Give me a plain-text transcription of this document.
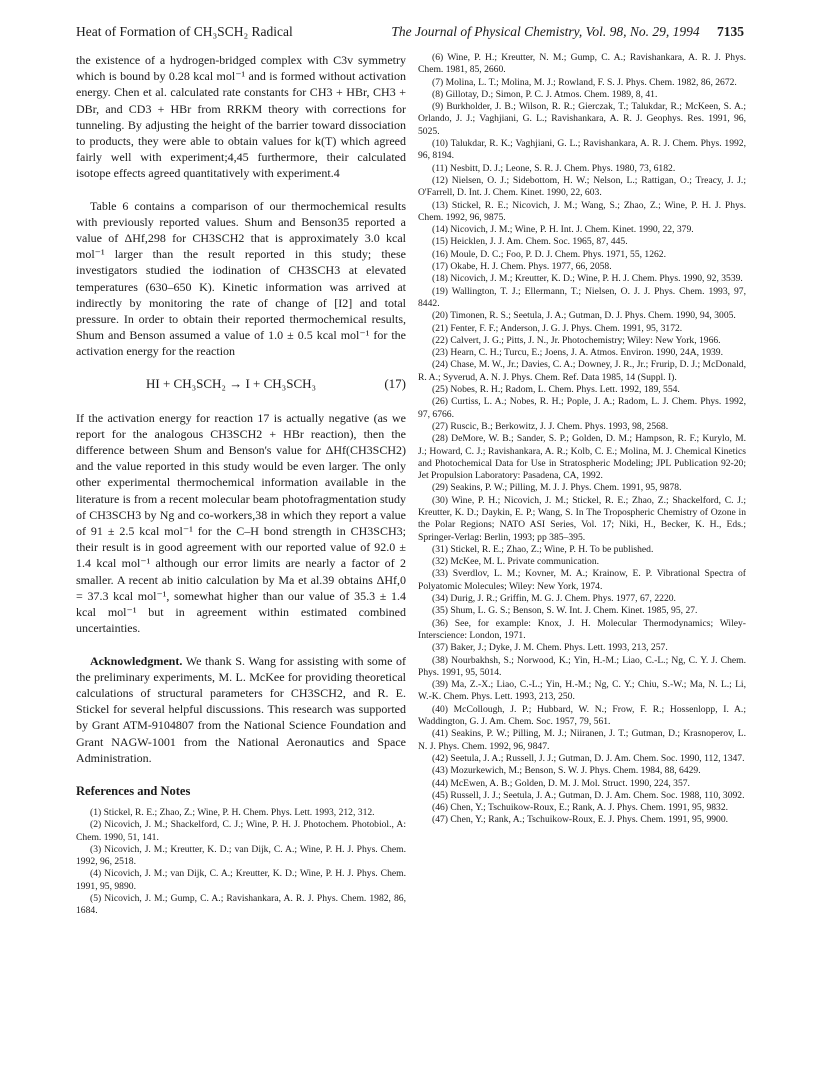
Heat of Formation of CH₃SCH₂ Radical	The Journal of Physical Chemistry, Vol. 98, No. 29, 1994 7135

the existence of a hydrogen-bridged complex with C3v symmetry which is bound by 0.28 kcal mol⁻¹ and is formed without activation energy. Chen et al. calculated rate constants for CH3 + HBr, CH3 + DBr, and CD3 + HBr from RRKM theory with corrections for tunneling. By adjusting the height of the barrier toward dissociation to products, they were able to obtain values for k(T) which agreed fairly well with experiment;4,45 furthermore, their calculated isotope effects agreed quantitatively with experiment.4

Table 6 contains a comparison of our thermochemical results with previously reported values. Shum and Benson35 reported a value of ΔHf,298 for CH3SCH2 that is approximately 3.0 kcal mol⁻¹ larger than the result reported in this study; these investigators studied the iodination of CH3SCH3 at elevated temperatures (630–650 K). Kinetic information was arrived at indirectly by monitoring the rate of change of [I2] and total pressure. In order to obtain their reported thermochemical results, Shum and Benson assumed a value of 1.0 ± 0.5 kcal mol⁻¹ for the activation energy for the reaction

HI + CH₃SCH₂ → I + CH₃SCH₃	(17)

If the activation energy for reaction 17 is actually negative (as we report for the analogous CH3SCH2 + HBr reaction), then the difference between Shum and Benson's value for ΔHf(CH3SCH2) and the value reported in this study would be even larger. The only other experimental thermochemical information available in the literature is from a recent molecular beam photofragmentation study of CH3SCH3 by Ng and co-workers,38 in which they report a value of 91 ± 2.5 kcal mol⁻¹ for the C–H bond strength in CH3SCH3; their result is in good agreement with our reported value of 92.0 ± 1.4 kcal mol⁻¹ although our error limits are nearly a factor of 2 smaller. A recent ab initio calculation by Ma et al.39 obtains ΔHf,0 = 37.3 kcal mol⁻¹, somewhat higher than our value of 35.3 ± 1.4 kcal mol⁻¹ but in agreement within estimated combined uncertainties.

Acknowledgment. We thank S. Wang for assisting with some of the preliminary experiments, M. L. McKee for providing theoretical calculations of structural parameters for CH3SCH2, and R. E. Stickel for several helpful discussions. This research was supported by Grant ATM-9104807 from the National Science Foundation and Grant NAGW-1001 from the National Aeronautics and Space Administration.

References and Notes

(1) Stickel, R. E.; Zhao, Z.; Wine, P. H. Chem. Phys. Lett. 1993, 212, 312.

(2) Nicovich, J. M.; Shackelford, C. J.; Wine, P. H. J. Photochem. Photobiol., A: Chem. 1990, 51, 141.

(3) Nicovich, J. M.; Kreutter, K. D.; van Dijk, C. A.; Wine, P. H. J. Phys. Chem. 1992, 96, 2518.

(4) Nicovich, J. M.; van Dijk, C. A.; Kreutter, K. D.; Wine, P. H. J. Phys. Chem. 1991, 95, 9890.

(5) Nicovich, J. M.; Gump, C. A.; Ravishankara, A. R. J. Phys. Chem. 1982, 86, 1684.

(6) Wine, P. H.; Kreutter, N. M.; Gump, C. A.; Ravishankara, A. R. J. Phys. Chem. 1981, 85, 2660.

(7) Molina, L. T.; Molina, M. J.; Rowland, F. S. J. Phys. Chem. 1982, 86, 2672.

(8) Gillotay, D.; Simon, P. C. J. Atmos. Chem. 1989, 8, 41.

(9) Burkholder, J. B.; Wilson, R. R.; Gierczak, T.; Talukdar, R.; McKeen, S. A.; Orlando, J. J.; Vaghjiani, G. L.; Ravishankara, A. R. J. Geophys. Res. 1991, 96, 5025.

(10) Talukdar, R. K.; Vaghjiani, G. L.; Ravishankara, A. R. J. Chem. Phys. 1992, 96, 8194.

(11) Nesbitt, D. J.; Leone, S. R. J. Chem. Phys. 1980, 73, 6182.

(12) Nielsen, O. J.; Sidebottom, H. W.; Nelson, L.; Rattigan, O.; Treacy, J. J.; O'Farrell, D. Int. J. Chem. Kinet. 1990, 22, 603.

(13) Stickel, R. E.; Nicovich, J. M.; Wang, S.; Zhao, Z.; Wine, P. H. J. Phys. Chem. 1992, 96, 9875.

(14) Nicovich, J. M.; Wine, P. H. Int. J. Chem. Kinet. 1990, 22, 379.

(15) Heicklen, J. J. Am. Chem. Soc. 1965, 87, 445.

(16) Moule, D. C.; Foo, P. D. J. Chem. Phys. 1971, 55, 1262.

(17) Okabe, H. J. Chem. Phys. 1977, 66, 2058.

(18) Nicovich, J. M.; Kreutter, K. D.; Wine, P. H. J. Chem. Phys. 1990, 92, 3539.

(19) Wallington, T. J.; Ellermann, T.; Nielsen, O. J. J. Phys. Chem. 1993, 97, 8442.

(20) Timonen, R. S.; Seetula, J. A.; Gutman, D. J. Phys. Chem. 1990, 94, 3005.

(21) Fenter, F. F.; Anderson, J. G. J. Phys. Chem. 1991, 95, 3172.

(22) Calvert, J. G.; Pitts, J. N., Jr. Photochemistry; Wiley: New York, 1966.

(23) Hearn, C. H.; Turcu, E.; Joens, J. A. Atmos. Environ. 1990, 24A, 1939.

(24) Chase, M. W., Jr.; Davies, C. A.; Downey, J. R., Jr.; Frurip, D. J.; McDonald, R. A.; Syverud, A. N. J. Phys. Chem. Ref. Data 1985, 14 (Suppl. I).

(25) Nobes, R. H.; Radom, L. Chem. Phys. Lett. 1992, 189, 554.

(26) Curtiss, L. A.; Nobes, R. H.; Pople, J. A.; Radom, L. J. Chem. Phys. 1992, 97, 6766.

(27) Ruscic, B.; Berkowitz, J. J. Chem. Phys. 1993, 98, 2568.

(28) DeMore, W. B.; Sander, S. P.; Golden, D. M.; Hampson, R. F.; Kurylo, M. J.; Howard, C. J.; Ravishankara, A. R.; Kolb, C. E.; Molina, M. J. Chemical Kinetics and Photochemical Data for Use in Stratospheric Modeling; JPL Publication 92-20; Jet Propulsion Laboratory: Pasadena, CA, 1992.

(29) Seakins, P. W.; Pilling, M. J. J. Phys. Chem. 1991, 95, 9878.

(30) Wine, P. H.; Nicovich, J. M.; Stickel, R. E.; Zhao, Z.; Shackelford, C. J.; Kreutter, K. D.; Daykin, E. P.; Wang, S. In The Tropospheric Chemistry of Ozone in the Polar Regions; NATO ASI Series, Vol. 17; Niki, H., Becker, K. H., Eds.; Springer-Verlag: Berlin, 1993; pp 385–395.

(31) Stickel, R. E.; Zhao, Z.; Wine, P. H. To be published.

(32) McKee, M. L. Private communication.

(33) Sverdlov, L. M.; Kovner, M. A.; Krainow, E. P. Vibrational Spectra of Polyatomic Molecules; Wiley: New York, 1974.

(34) Durig, J. R.; Griffin, M. G. J. Chem. Phys. 1977, 67, 2220.

(35) Shum, L. G. S.; Benson, S. W. Int. J. Chem. Kinet. 1985, 95, 27.

(36) See, for example: Knox, J. H. Molecular Thermodynamics; Wiley-Interscience: London, 1971.

(37) Baker, J.; Dyke, J. M. Chem. Phys. Lett. 1993, 213, 257.

(38) Nourbakhsh, S.; Norwood, K.; Yin, H.-M.; Liao, C.-L.; Ng, C. Y. J. Chem. Phys. 1991, 95, 5014.

(39) Ma, Z.-X.; Liao, C.-L.; Yin, H.-M.; Ng, C. Y.; Chiu, S.-W.; Ma, N. L.; Li, W.-K. Chem. Phys. Lett. 1993, 213, 250.

(40) McCollough, J. P.; Hubbard, W. N.; Frow, F. R.; Hossenlopp, I. A.; Waddington, G. J. Am. Chem. Soc. 1957, 79, 561.

(41) Seakins, P. W.; Pilling, M. J.; Niiranen, J. T.; Gutman, D.; Krasnoperov, L. N. J. Phys. Chem. 1992, 96, 9847.

(42) Seetula, J. A.; Russell, J. J.; Gutman, D. J. Am. Chem. Soc. 1990, 112, 1347.

(43) Mozurkewich, M.; Benson, S. W. J. Phys. Chem. 1984, 88, 6429.

(44) McEwen, A. B.; Golden, D. M. J. Mol. Struct. 1990, 224, 357.

(45) Russell, J. J.; Seetula, J. A.; Gutman, D. J. Am. Chem. Soc. 1988, 110, 3092.

(46) Chen, Y.; Tschuikow-Roux, E.; Rank, A. J. Phys. Chem. 1991, 95, 9832.

(47) Chen, Y.; Rank, A.; Tschuikow-Roux, E. J. Phys. Chem. 1991, 95, 9900.
